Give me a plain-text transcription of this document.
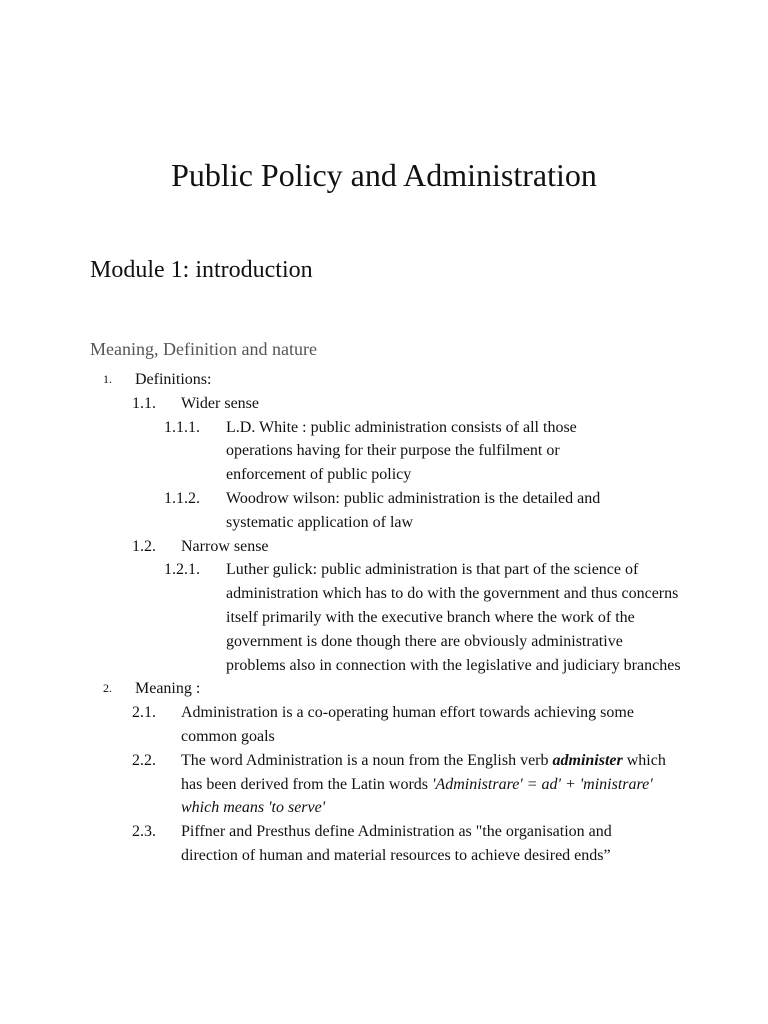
Public Policy and Administration
Module 1: introduction
Meaning, Definition and nature
1. Definitions:
1.1. Wider sense
1.1.1. L.D. White : public administration consists of all those operations having for their purpose the fulfilment or enforcement of public policy
1.1.2. Woodrow wilson: public administration is the detailed and systematic application of law
1.2. Narrow sense
1.2.1. Luther gulick: public administration is that part of the science of administration which has to do with the government and thus concerns itself primarily with the executive branch where the work of the government is done though there are obviously administrative problems also in connection with the legislative and judiciary branches
2. Meaning :
2.1. Administration is a co-operating human effort towards achieving some common goals
2.2. The word Administration is a noun from the English verb administer which has been derived from the Latin words 'Administrare' = ad' + 'ministrare' which means 'to serve'
2.3. Piffner and Presthus define Administration as "the organisation and direction of human and material resources to achieve desired ends”
